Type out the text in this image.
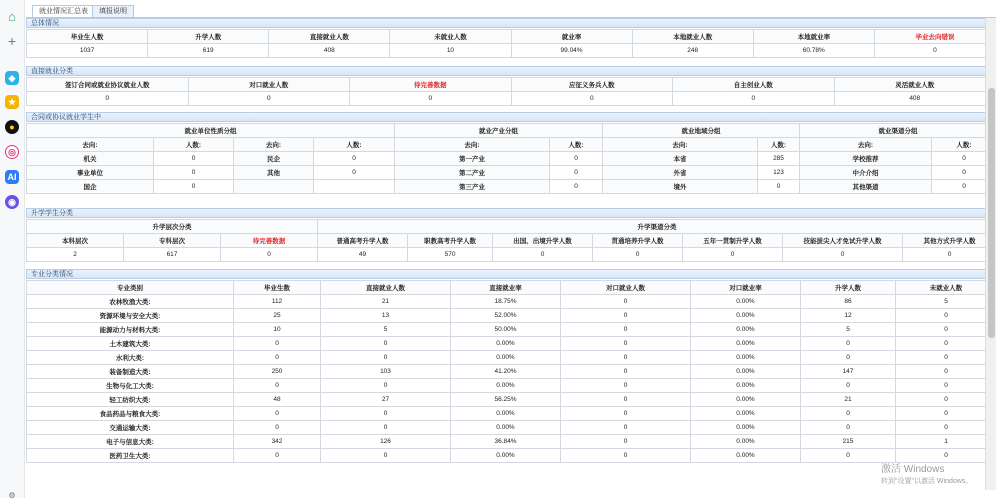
⌂
+
◈
★
●
◎
AI
◉
⚙
就业情况汇总表	填报说明
总体情况
毕业生人数	升学人数	直接就业人数	未就业人数	就业率	本地就业人数	本地就业率	毕业去向错误
1037	619	408	10	99.04%	248	60.78%	0
直接就业分类
签订合同或就业协议就业人数	对口就业人数	待完善数据	应征义务兵人数	自主创业人数	灵活就业人数
0	0	0	0	0	408
合同或协议就业学生中
就业单位性质分组				就业产业分组		就业地域分组		就业渠道分组	
去向:	人数:	去向:	人数:	去向:	人数:	去向:	人数:	去向:	人数:
机关	0	民企	0	第一产业	0	本省	285	学校推荐	0
事业单位	0	其他	0	第二产业	0	外省	123	中介介绍	0
国企	0			第三产业	0	境外	0	其他渠道	0
升学学生分类
升学层次分类			升学渠道分类						
本科层次	专科层次	待完善数据	普通高考升学人数	职教高考升学人数	出国、出境升学人数	贯通培养升学人数	五年一贯制升学人数	技能拔尖人才免试升学人数	其他方式升学人数
2	617	0	49	570	0	0	0	0	0
专业分类情况
专业类别	毕业生数	直接就业人数	直接就业率	对口就业人数	对口就业率	升学人数	未就业人数
农林牧渔大类:	112	21	18.75%	0	0.00%	86	5
资源环境与安全大类:	25	13	52.00%	0	0.00%	12	0
能源动力与材料大类:	10	5	50.00%	0	0.00%	5	0
土木建筑大类:	0	0	0.00%	0	0.00%	0	0
水利大类:	0	0	0.00%	0	0.00%	0	0
装备制造大类:	250	103	41.20%	0	0.00%	147	0
生物与化工大类:	0	0	0.00%	0	0.00%	0	0
轻工纺织大类:	48	27	56.25%	0	0.00%	21	0
食品药品与粮食大类:	0	0	0.00%	0	0.00%	0	0
交通运输大类:	0	0	0.00%	0	0.00%	0	0
电子与信息大类:	342	126	36.84%	0	0.00%	215	1
医药卫生大类:	0	0	0.00%	0	0.00%	0	0
激活 Windows
转到"设置"以激活 Windows。
